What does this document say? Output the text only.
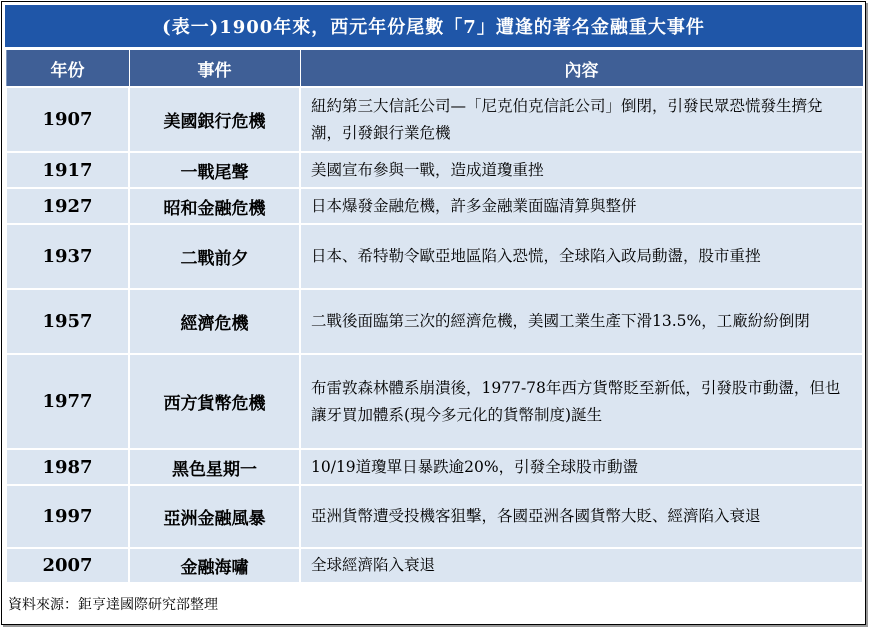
(表一)1900年來，西元年份尾數「7」遭逢的著名金融重大事件
年份	事件	內容
1907	美國銀行危機	紐約第三大信託公司—「尼克伯克信託公司」倒閉，引發民眾恐慌發生擠兌潮，引發銀行業危機
1917	一戰尾聲	美國宣布參與一戰，造成道瓊重挫
1927	昭和金融危機	日本爆發金融危機，許多金融業面臨清算與整併
1937	二戰前夕	日本、希特勒令歐亞地區陷入恐慌，全球陷入政局動盪，股市重挫
1957	經濟危機	二戰後面臨第三次的經濟危機，美國工業生產下滑13.5%，工廠紛紛倒閉
1977	西方貨幣危機	布雷敦森林體系崩潰後，1977-78年西方貨幣貶至新低，引發股市動盪，但也讓牙買加體系(現今多元化的貨幣制度)誕生
1987	黑色星期一	10/19道瓊單日暴跌逾20%，引發全球股市動盪
1997	亞洲金融風暴	亞洲貨幣遭受投機客狙擊，各國亞洲各國貨幣大貶、經濟陷入衰退
2007	金融海嘯	全球經濟陷入衰退
資料來源：鉅亨達國際研究部整理
